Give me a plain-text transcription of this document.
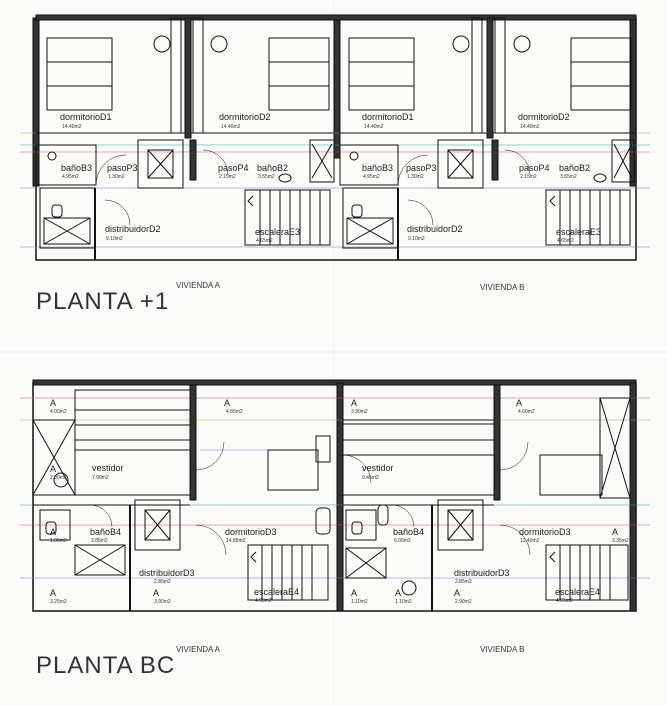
dormitorioD1
14.40m2
dormitorioD2
14.40m2
bañoB3
4.95m2
pasoP3
1.30m2
pasoP4
2.15m2
bañoB2
3.55m2
distribuidorD2
9.10m2
escaleraE3
4.65m2
dormitorioD1
14.40m2
dormitorioD2
14.40m2
bañoB3
4.95m2
pasoP3
1.30m2
pasoP4
2.15m2
bañoB2
3.55m2
distribuidorD2
9.10m2
escaleraE3
4.65m2
PLANTA +1
VIVIENDA A	VIVIENDA B
A
4.00m2
A
4.85m2
A
2.00m2
vestidor
7.90m2
A
1.30m2
bañoB4
3.85m2
dormitorioD3
14.85m2
distribuidorD3
2.85m2
A
3.25m2
A
3.90m2
escaleraE4
4.60m2
A
3.90m2
A
4.00m2
vestidor
9.45m2
bañoB4
6.00m2
dormitorioD3
12.40m2
A
3.35m2
distribuidorD3
2.85m2
A
1.10m2
A
1.10m2
A
2.90m2
escaleraE4
4.65m2
PLANTA BC
VIVIENDA A	VIVIENDA B
